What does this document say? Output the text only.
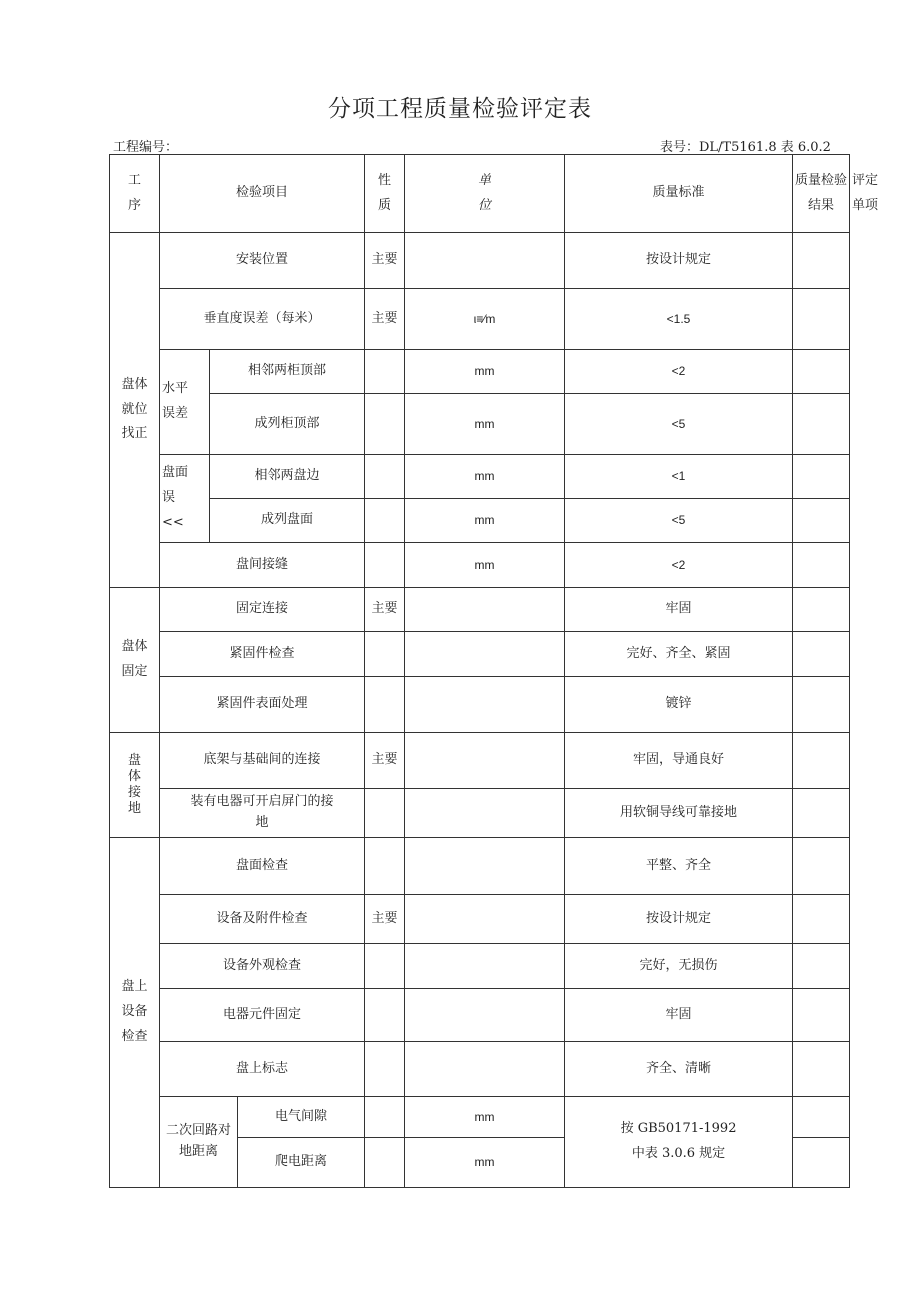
分项工程质量检验评定表
工程编号：	表号：DL/T5161.8 表 6.0.2
工序	检验项目			性质	单位	质量标准	质量检验结果	评定单项

盘体就位找正	安装位置			主要		按设计规定		
	垂直度误差（每米）			主要	ι≡⁄m	<1.5		

	水平误差	相邻两柜顶部			mm	<2		
		成列柜顶部			mm	<5		

	盘面误<<	相邻两盘边			mm	<1		
		成列盘面			mm	<5		
	盘间接缝				mm	<2		

盘体固定	固定连接			主要		牢固		
	紧固件检查					完好、齐全、紧固		
	紧固件表面处理					镀锌		

盘体接地	底架与基础间的连接			主要		牢固，导通良好		

	装有电器可开启屏门的接地					用软铜导线可靠接地		

盘上设备检查	盘面检查					平整、齐全		
	设备及附件检查			主要		按设计规定		
	设备外观检查					完好，无损伤		
	电器元件固定					牢固		
	盘上标志					齐全、清晰		

	二次回路对地距离		电气间隙		mm	按 GB50171-1992 中表 3.0.6 规定		

			爬电距离		mm			
